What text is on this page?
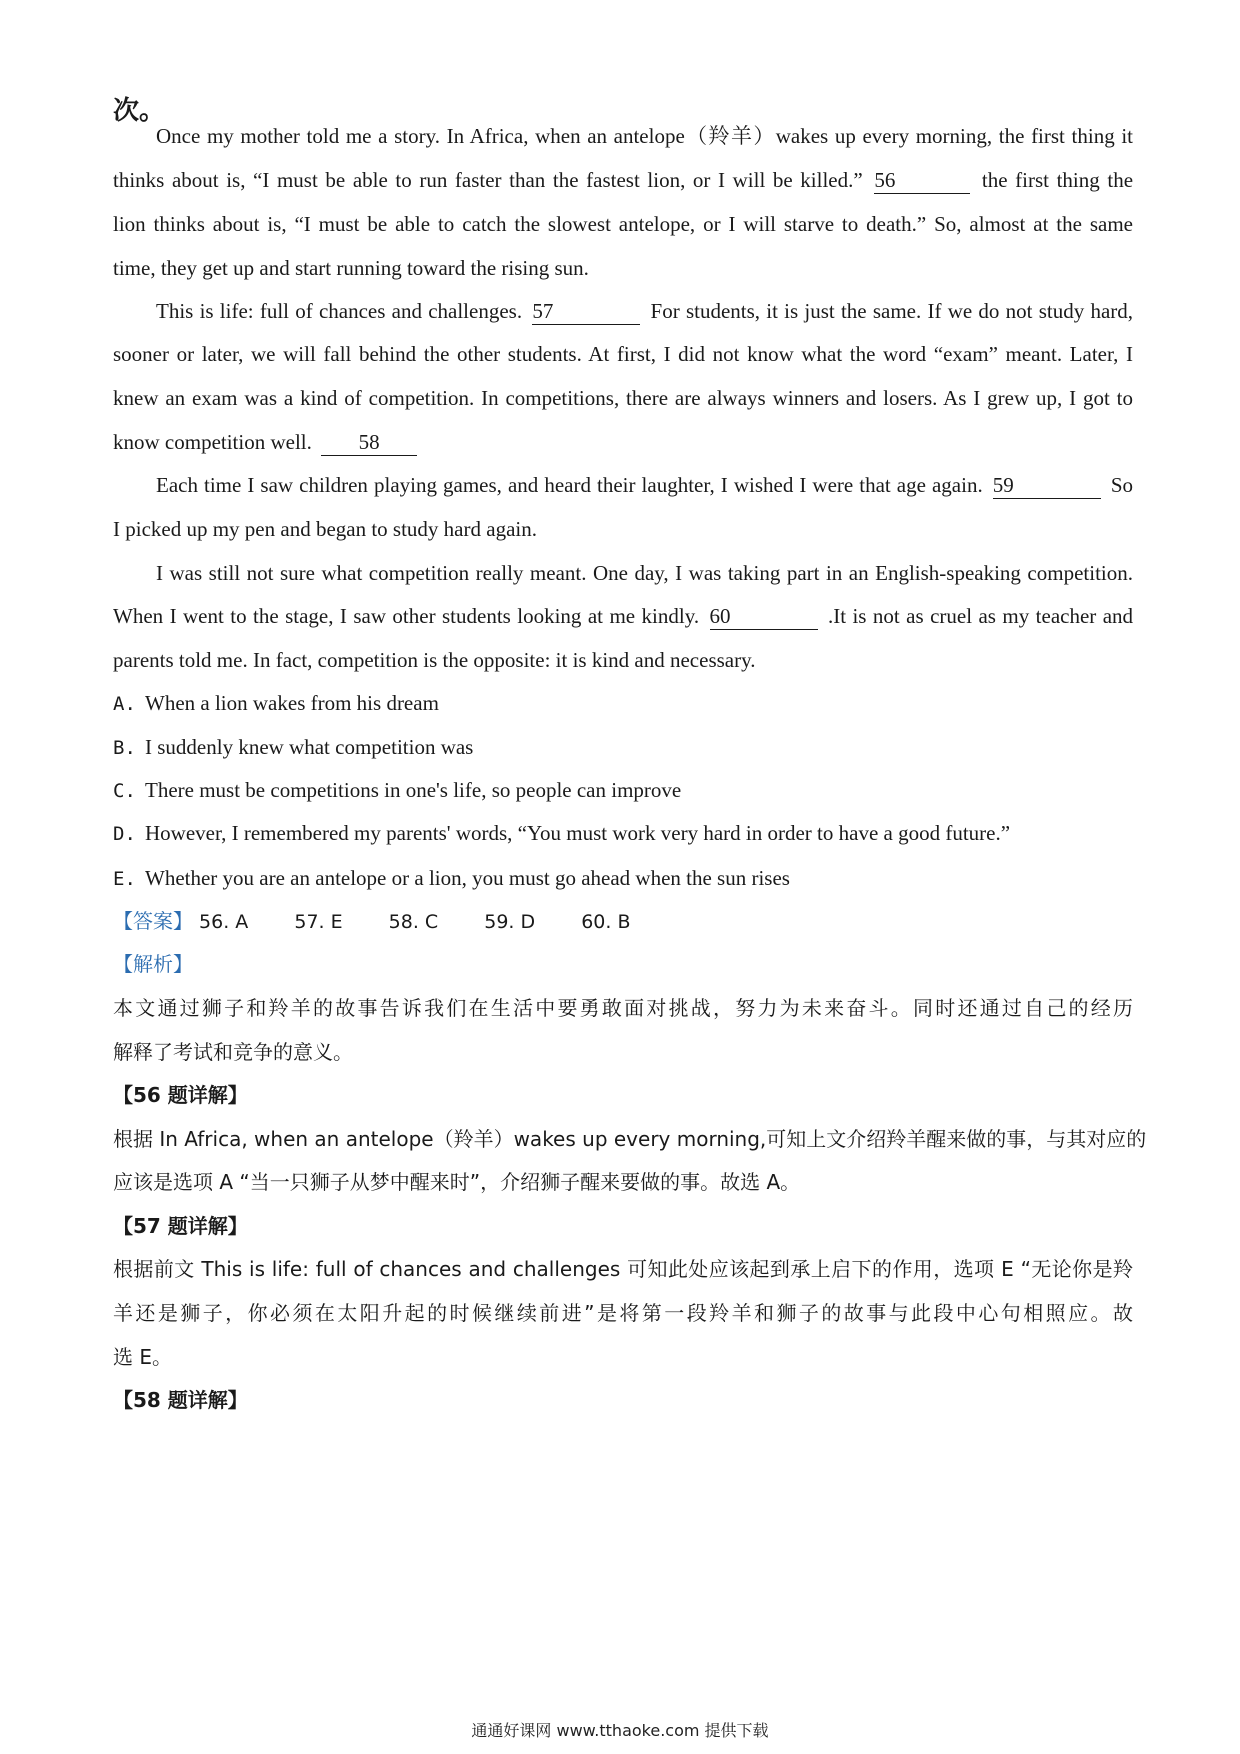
次。
Once my mother told me a story. In Africa, when an antelope（羚羊）wakes up every morning, the first thing it
thinks about is, “I must be able to run faster than the fastest lion, or I will be killed.” 56	the first thing the
lion thinks about is, “I must be able to catch the slowest antelope, or I will starve to death.” So, almost at the same
time, they get up and start running toward the rising sun.
This is life: full of chances and challenges. 57	For students, it is just the same. If we do not study hard,
sooner or later, we will fall behind the other students. At first, I did not know what the word “exam” meant. Later, I
knew an exam was a kind of competition. In competitions, there are always winners and losers. As I grew up, I got to
know competition well. 58
Each time I saw children playing games, and heard their laughter, I wished I were that age again. 59	So
I picked up my pen and began to study hard again.
I was still not sure what competition really meant. One day, I was taking part in an English-speaking competition.
When I went to the stage, I saw other students looking at me kindly. 60	.It is not as cruel as my teacher and
parents told me. In fact, competition is the opposite: it is kind and necessary.
A. When a lion wakes from his dream
B. I suddenly knew what competition was
C. There must be competitions in one's life, so people can improve
D. However, I remembered my parents' words, “You must work very hard in order to have a good future.”
E. Whether you are an antelope or a lion, you must go ahead when the sun rises
【答案】 56. A 57. E 58. C 59. D 60. B
【解析】
本文通过狮子和羚羊的故事告诉我们在生活中要勇敢面对挑战，努力为未来奋斗。同时还通过自己的经历
解释了考试和竞争的意义。
【56 题详解】
根据 In Africa, when an antelope（羚羊）wakes up every morning,可知上文介绍羚羊醒来做的事，与其对应的
应该是选项 A “当一只狮子从梦中醒来时”，介绍狮子醒来要做的事。故选 A。
【57 题详解】
根据前文 This is life: full of chances and challenges 可知此处应该起到承上启下的作用，选项 E “无论你是羚
羊还是狮子，你必须在太阳升起的时候继续前进”是将第一段羚羊和狮子的故事与此段中心句相照应。故
选 E。
【58 题详解】
通通好课网 www.tthaoke.com 提供下载
